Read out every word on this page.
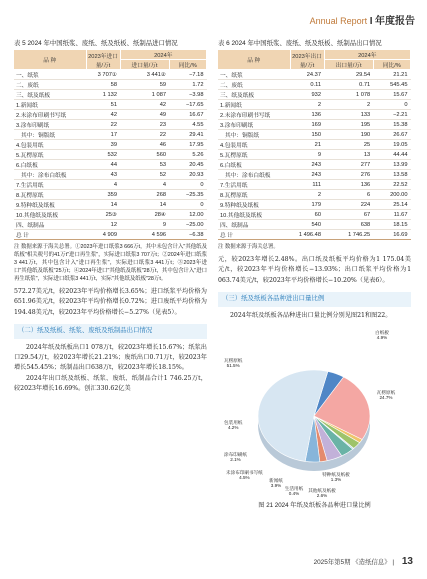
Annual Report I 年度报告
表 5 2024 年中国纸浆、废纸、纸及纸板、纸制品进口情况
品 种	2023年进口量/万t	2024年	
		进口量/万t	同比/%
一、纸浆	3 707①	3 441②	−7.18
二、废纸	58	59	1.72
三、纸及纸板	1 132	1 087	−3.98
1.新闻纸	51	42	−17.65
2.未涂布印刷书写纸	42	49	16.67
3.涂布印刷纸	22	23	4.55
其中：铜版纸	17	22	29.41
4.包装用纸	39	46	17.95
5.瓦楞原纸	532	560	5.26
6.白纸板	44	53	20.45
其中：涂布白纸板	43	52	20.93
7.生活用纸	4	4	0
8.瓦楞原纸	359	268	−25.35
9.特种纸及纸板	14	14	0
10.其他纸及纸板	25③	28④	12.00
四、纸制品	12	9	−25.00
总 计	4 909	4 596	−6.38
注 数据来源于海关总署。①2023年进口纸浆3 666万t，其中未包含计入"其他纸及纸板"相关税号的41万t"进口再生浆"，实际进口纸浆3 707万t；②2024年进口纸浆3 441万t，其中包含计入"进口再生浆"，实际进口纸浆3 441万t；③2023年进口"其他纸及纸板"25万t；④2024年进口"其他纸及纸板"28万t，其中包含计入"进口再生纸浆"，实际进口纸浆3 441万t，实际"其他纸及纸板"28万t。

572.27美元/t，较2023年平均价格增长3.65%；进口纸浆平均价格为651.96美元/t，较2023年平均价格增长0.72%；进口废纸平均价格为194.48美元/t，较2023年平均价格增长−5.27%（见表5）。

（二）纸及纸板、纸浆、废纸及纸制品出口情况

2024年纸及纸板出口1 078万t，较2023年增长15.67%；纸浆出口29.54万t，较2023年增长21.21%；废纸出口0.71万t，较2023年增长545.45%；纸制品出口638万t，较2023年增长18.15%。

2024年出口纸及纸板、纸浆、废纸、纸制品合计1 746.25万t，较2023年增长16.69%。创汇330.62亿美

表 6 2024 年中国纸浆、废纸、纸及纸板、纸制品出口情况
品 种	2023年出口量/万t	2024年	
		出口量/万t	同比/%
一、纸浆	24.37	29.54	21.21
二、废纸	0.11	0.71	545.45
三、纸及纸板	932	1 078	15.67
1.新闻纸	2	2	0
2.未涂布印刷书写纸	136	133	−2.21
3.涂布印刷纸	169	195	15.38
其中：铜版纸	150	190	26.67
4.包装用纸	21	25	19.05
5.瓦楞原纸	9	13	44.44
6.白纸板	243	277	13.99
其中：涂布白纸板	243	276	13.58
7.生活用纸	111	136	22.52
8.瓦楞原纸	2	6	200.00
9.特种纸及纸板	179	224	25.14
10.其他纸及纸板	60	67	11.67
四、纸制品	540	638	18.15
总 计	1 496.48	1 746.25	16.69
注 数据来源于海关总署。

元，较2023年增长2.48%。出口纸及纸板平均价格为1 175.04美元/t，较2023年平均价格增长−13.93%；出口纸浆平均价格为1 063.74美元/t，较2023年平均价格增长−10.20%（见表6）。

（三）纸及纸板各品种进出口量比例

2024年纸及纸板各品种进出口量比例分别见图21和图22。

白纸板
4.9%
瓦楞原纸
24.7%
特种纸及纸板
1.3%
其他纸及纸板
2.6%
生活用纸
0.4%
新闻纸
3.9%
未涂布印刷书写纸
4.5%
涂布印刷纸
2.1%
包装用纸
4.2%
瓦楞原纸
51.5%
图 21 2024 年纸及纸板各品种进口量比例
2025年第5期 《造纸信息》 | 13
